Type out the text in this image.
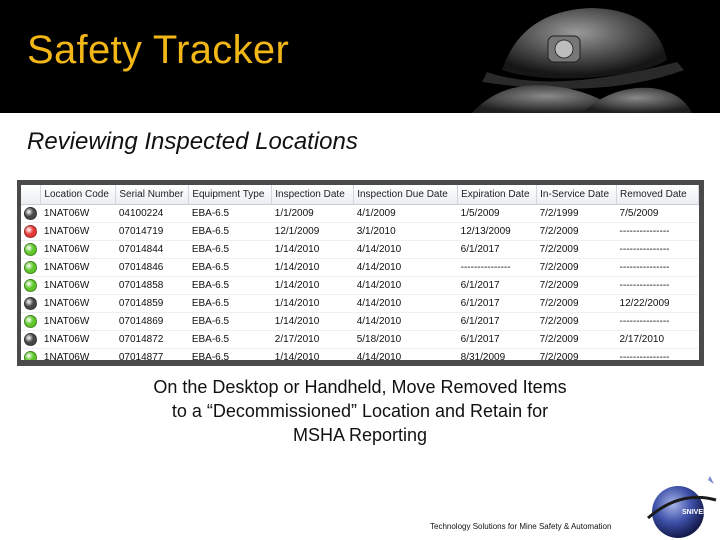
Safety Tracker
Reviewing Inspected Locations
	Location Code	Serial Number	Equipment Type	Inspection Date	Inspection Due Date	Expiration Date	In-Service Date	Removed Date
	1NAT06W	04100224	EBA-6.5	1/1/2009	4/1/2009	1/5/2009	7/2/1999	7/5/2009
	1NAT06W	07014719	EBA-6.5	12/1/2009	3/1/2010	12/13/2009	7/2/2009	---------------
	1NAT06W	07014844	EBA-6.5	1/14/2010	4/14/2010	6/1/2017	7/2/2009	---------------
	1NAT06W	07014846	EBA-6.5	1/14/2010	4/14/2010	---------------	7/2/2009	---------------
	1NAT06W	07014858	EBA-6.5	1/14/2010	4/14/2010	6/1/2017	7/2/2009	---------------
	1NAT06W	07014859	EBA-6.5	1/14/2010	4/14/2010	6/1/2017	7/2/2009	12/22/2009
	1NAT06W	07014869	EBA-6.5	1/14/2010	4/14/2010	6/1/2017	7/2/2009	---------------
	1NAT06W	07014872	EBA-6.5	2/17/2010	5/18/2010	6/1/2017	7/2/2009	2/17/2010
	1NAT06W	07014877	EBA-6.5	1/14/2010	4/14/2010	8/31/2009	7/2/2009	---------------
On the Desktop or Handheld, Move Removed Items
to a “Decommissioned” Location and Retain for
MSHA Reporting
Technology Solutions for Mine Safety & Automation
SNIVELY
